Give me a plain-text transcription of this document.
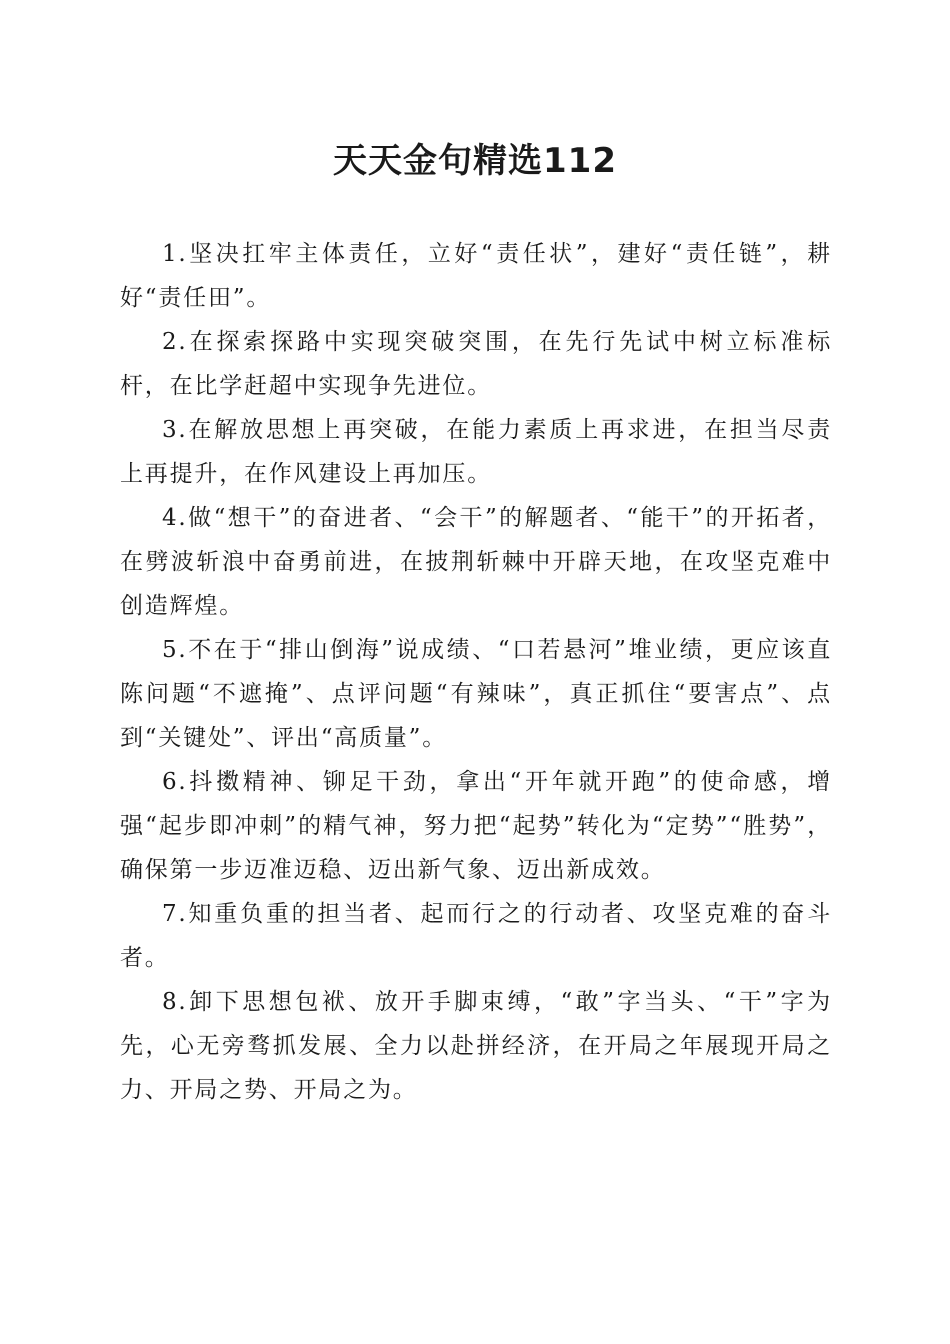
天天金句精选112

1.坚决扛牢主体责任，立好“责任状”，建好“责任链”，耕好“责任田”。

2.在探索探路中实现突破突围，在先行先试中树立标准标杆，在比学赶超中实现争先进位。

3.在解放思想上再突破，在能力素质上再求进，在担当尽责上再提升，在作风建设上再加压。

4.做“想干”的奋进者、“会干”的解题者、“能干”的开拓者，在劈波斩浪中奋勇前进，在披荆斩棘中开辟天地，在攻坚克难中创造辉煌。

5.不在于“排山倒海”说成绩、“口若悬河”堆业绩，更应该直陈问题“不遮掩”、点评问题“有辣味”，真正抓住“要害点”、点到“关键处”、评出“高质量”。

6.抖擞精神、铆足干劲，拿出“开年就开跑”的使命感，增强“起步即冲刺”的精气神，努力把“起势”转化为“定势”“胜势”，确保第一步迈准迈稳、迈出新气象、迈出新成效。

7.知重负重的担当者、起而行之的行动者、攻坚克难的奋斗者。

8.卸下思想包袱、放开手脚束缚，“敢”字当头、“干”字为先，心无旁骛抓发展、全力以赴拼经济，在开局之年展现开局之力、开局之势、开局之为。
